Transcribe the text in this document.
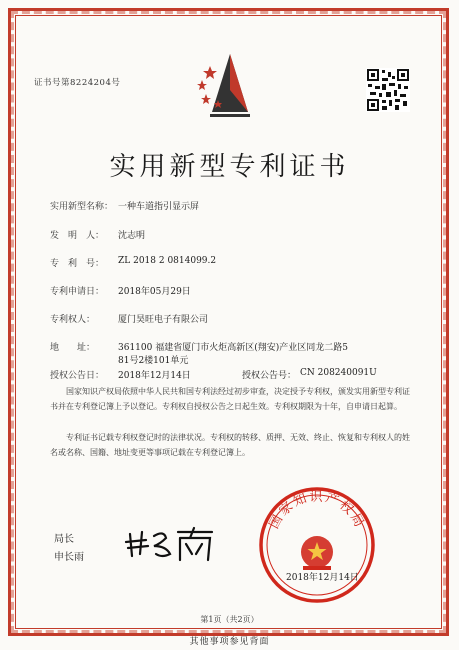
证书号第8224204号
实用新型专利证书
实用新型名称： 一种车道指引显示屏
发　明　人： 沈志明
专　利　号： ZL 2018 2 0814099.2
专利申请日： 2018年05月29日
专利权人：	厦门昊旺电子有限公司
地　　址：	361100 福建省厦门市火炬高新区(翔安)产业区同龙二路5
81号2楼101单元
授权公告日： 2018年12月14日	授权公告号： CN 208240091U
国家知识产权局依照中华人民共和国专利法经过初步审查，决定授予专利权，颁发实用新型专利证书并在专利登记簿上予以登记。专利权自授权公告之日起生效。专利权期限为十年，自申请日起算。
专利证书记载专利权登记时的法律状况。专利权的转移、质押、无效、终止、恢复和专利权人的姓名或名称、国籍、地址变更等事项记载在专利登记簿上。
局长
申长雨
国家知识产权局
2018年12月14日
第1页（共2页）
其他事项参见背面
